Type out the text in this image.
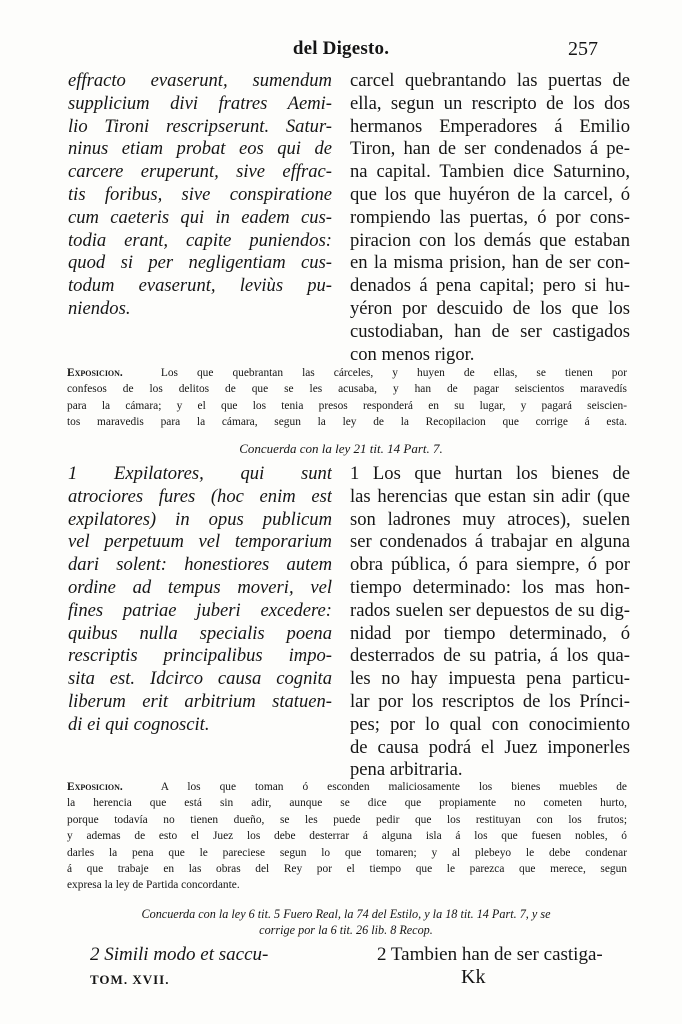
del Digesto.	257
effracto evaserunt, sumendum
supplicium divi fratres Aemi-
lio Tironi rescripserunt. Satur-
ninus etiam probat eos qui de
carcere eruperunt, sive effrac-
tis foribus, sive conspiratione
cum caeteris qui in eadem cus-
todia erant, capite puniendos:
quod si per negligentiam cus-
todum evaserunt, leviùs pu-
niendos.
carcel quebrantando las puertas de
ella, segun un rescripto de los dos
hermanos Emperadores á Emilio
Tiron, han de ser condenados á pe-
na capital. Tambien dice Saturnino,
que los que huyéron de la carcel, ó
rompiendo las puertas, ó por cons-
piracion con los demás que estaban
en la misma prision, han de ser con-
denados á pena capital; pero si hu-
yéron por descuido de los que los
custodiaban, han de ser castigados
con menos rigor.
Exposicion.	Los que quebrantan las cárceles, y huyen de ellas, se tienen por
confesos de los delitos de que se les acusaba, y han de pagar seiscientos maravedís
para la cámara; y el que los tenia presos responderá en su lugar, y pagará seiscien-
tos maravedis para la cámara, segun la ley de la Recopilacion que corrige á esta.
Concuerda con la ley 21 tit. 14 Part. 7.
1 Expilatores, qui sunt
atrociores fures (hoc enim est
expilatores) in opus publicum
vel perpetuum vel temporarium
dari solent: honestiores autem
ordine ad tempus moveri, vel
fines patriae juberi excedere:
quibus nulla specialis poena
rescriptis principalibus impo-
sita est. Idcirco causa cognita
liberum erit arbitrium statuen-
di ei qui cognoscit.
1 Los que hurtan los bienes de
las herencias que estan sin adir (que
son ladrones muy atroces), suelen
ser condenados á trabajar en alguna
obra pública, ó para siempre, ó por
tiempo determinado: los mas hon-
rados suelen ser depuestos de su dig-
nidad por tiempo determinado, ó
desterrados de su patria, á los qua-
les no hay impuesta pena particu-
lar por los rescriptos de los Prínci-
pes; por lo qual con conocimiento
de causa podrá el Juez imponerles
pena arbitraria.
Exposicion.	A los que toman ó esconden maliciosamente los bienes muebles de
la herencia que está sin adir, aunque se dice que propiamente no cometen hurto,
porque todavía no tienen dueño, se les puede pedir que los restituyan con los frutos;
y ademas de esto el Juez los debe desterrar á alguna isla á los que fuesen nobles, ó
darles la pena que le pareciese segun lo que tomaren; y al plebeyo le debe condenar
á que trabaje en las obras del Rey por el tiempo que le parezca que merece, segun
expresa la ley de Partida concordante.
Concuerda con la ley 6 tit. 5 Fuero Real, la 74 del Estilo, y la 18 tit. 14 Part. 7, y se
corrige por la 6 tit. 26 lib. 8 Recop.
2 Simili modo et saccu-	2 Tambien han de ser castiga-
TOM. XVII.	Kk
